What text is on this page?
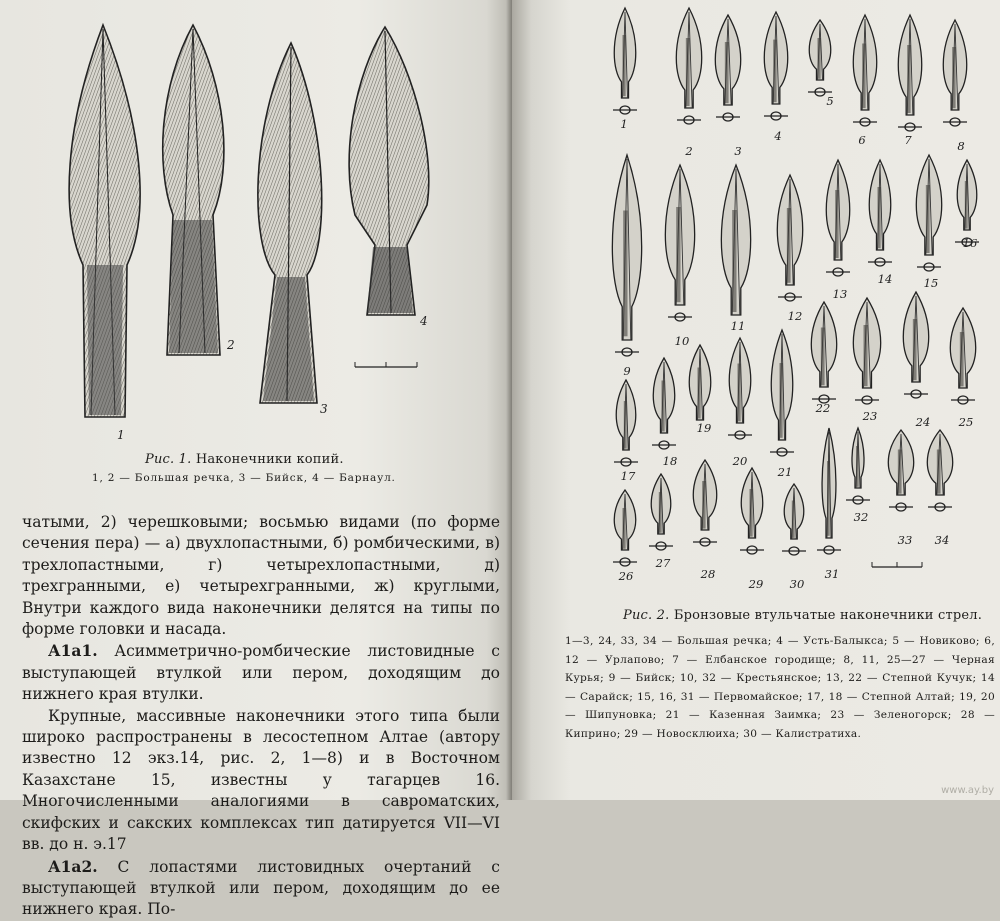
1
2
3
4
Рис. 1. Наконечники копий.
1, 2 — Большая речка, 3 — Бийск, 4 — Барнаул.

чатыми, 2) черешковыми; восьмью видами (по форме сечения пера) — а) двухлопастными, б) ромбическими, в) трехлопастными, г) четырехлопастными, д) трехгранными, е) четырехгранными, ж) круглыми, Внутри каждого вида наконечники делятся на типы по форме головки и насада.

А1а1. Асимметрично-ромбические листовидные с выступающей втулкой или пером, доходящим до нижнего края втулки.

Крупные, массивные наконечники этого типа были широко распространены в лесостепном Алтае (автору известно 12 экз.14, рис. 2, 1—8) и в Восточном Казахстане 15, известны у тагарцев 16. Многочисленными аналогиями в савроматских, скифских и сакских комплексах тип датируется VII—VI вв. до н. э.17

А1а2. С лопастями листовидных очертаний с выступающей втулкой или пером, доходящим до ее нижнего края. По-

1
2	3
4
5
6	7	8
9
10
11
12
13
14	15
16
17
18
19
20
21
22
23	24 25
26
27
28
29 30
31
32
33 34
Рис. 2. Бронзовые втульчатые наконечники стрел.

1—3, 24, 33, 34 — Большая речка; 4 — Усть-Балыкса; 5 — Новиково; 6, 12 — Урлапово; 7 — Елбанское городище; 8, 11, 25—27 — Черная Курья; 9 — Бийск; 10, 32 — Крестьянское; 13, 22 — Степной Кучук; 14 — Сарайск; 15, 16, 31 — Первомайское; 17, 18 — Степной Алтай; 19, 20 — Шипуновка; 21 — Казенная Заимка; 23 — Зеленогорск; 28 — Киприно; 29 — Новосклюиха; 30 — Калистратиха.

www.ay.by
